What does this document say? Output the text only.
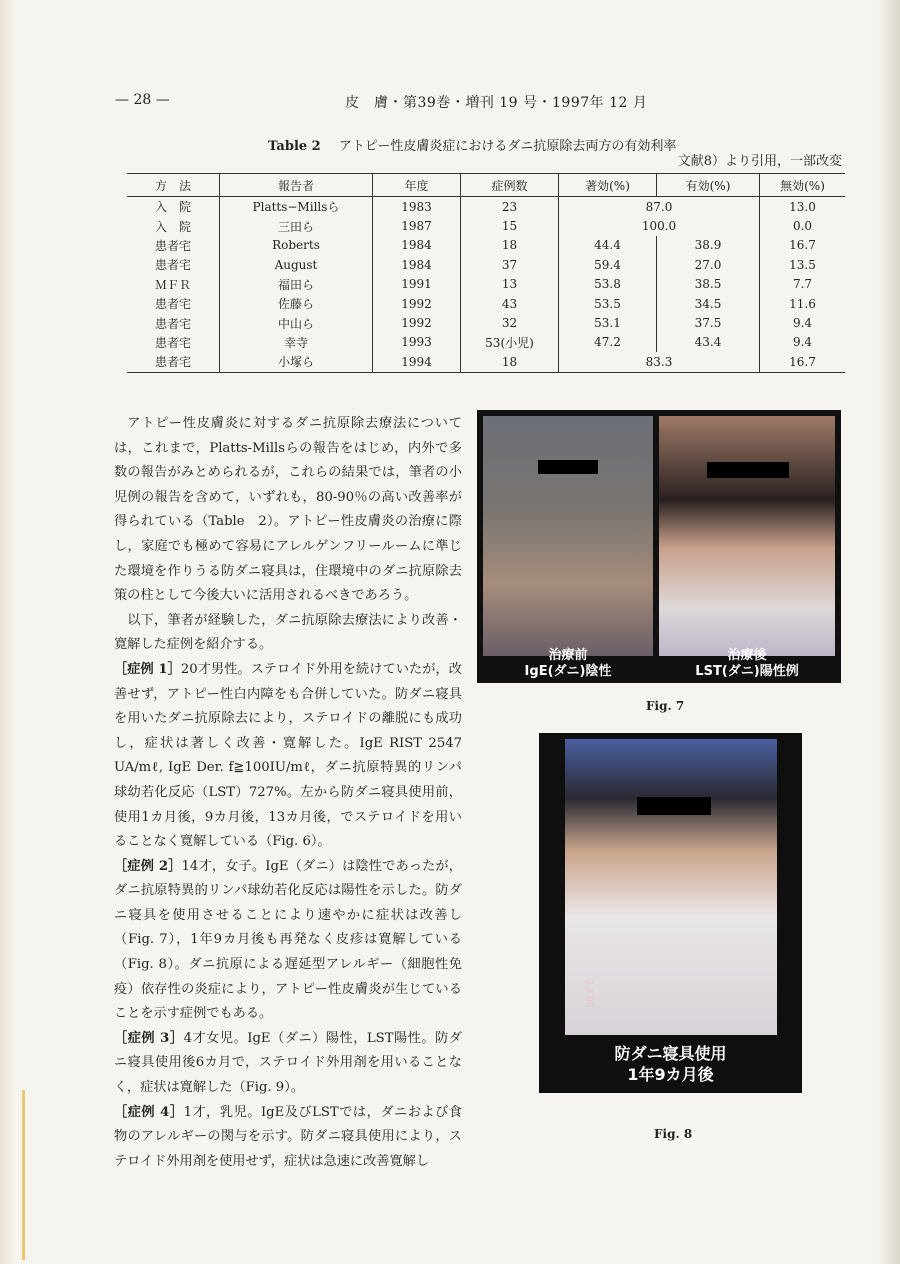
— 28 —	皮　膚・第39巻・増刊 19 号・1997年 12 月
Table 2 アトピー性皮膚炎症におけるダニ抗原除去両方の有効利率
文献8）より引用，一部改変
方　法	報告者	年度	症例数	著効(%)	有効(%)	無効(%)
入　院	Platts−Millsら	1983	23	87.0		13.0
入　院	三田ら	1987	15	100.0		0.0
患者宅	Roberts	1984	18	44.4	38.9	16.7
患者宅	August	1984	37	59.4	27.0	13.5
ＭＦＲ	福田ら	1991	13	53.8	38.5	7.7
患者宅	佐藤ら	1992	43	53.5	34.5	11.6
患者宅	中山ら	1992	32	53.1	37.5	9.4
患者宅	幸寺	1993	53(小児)	47.2	43.4	9.4
患者宅	小塚ら	1994	18	83.3		16.7

アトピー性皮膚炎に対するダニ抗原除去療法については，これまで，Platts-Millsらの報告をはじめ，内外で多数の報告がみとめられるが，これらの結果では，筆者の小児例の報告を含めて，いずれも，80-90％の高い改善率が得られている（Table　2）。アトピー性皮膚炎の治療に際し，家庭でも極めて容易にアレルゲンフリールームに準じた環境を作りうる防ダニ寝具は，住環境中のダニ抗原除去策の柱として今後大いに活用されるべきであろう。

以下，筆者が経験した，ダニ抗原除去療法により改善・寛解した症例を紹介する。

［症例 1］20才男性。ステロイド外用を続けていたが，改善せず，アトピー性白内障をも合併していた。防ダニ寝具を用いたダニ抗原除去により，ステロイドの離脱にも成功し，症状は著しく改善・寛解した。IgE RIST 2547 UA/mℓ, IgE Der. f≧100IU/mℓ，ダニ抗原特異的リンパ球幼若化反応（LST）727%。左から防ダニ寝具使用前，使用1カ月後，9カ月後，13カ月後，でステロイドを用いることなく寛解している（Fig. 6）。

［症例 2］14才，女子。IgE（ダニ）は陰性であったが，ダニ抗原特異的リンパ球幼若化反応は陽性を示した。防ダニ寝具を使用させることにより速やかに症状は改善し（Fig. 7），1年9カ月後も再発なく皮疹は寛解している（Fig. 8）。ダニ抗原による遅延型アレルギー（細胞性免疫）依存性の炎症により，アトピー性皮膚炎が生じていることを示す症例でもある。

［症例 3］4才女児。IgE（ダニ）陽性，LST陽性。防ダニ寝具使用後6カ月で，ステロイド外用剤を用いることなく，症状は寛解した（Fig. 9）。

［症例 4］1才，乳児。IgE及びLSTでは，ダニおよび食物のアレルギーの関与を示す。防ダニ寝具使用により，ステロイド外用剤を使用せず，症状は急速に改善寛解し

治療前
IgE(ダニ)陰性
治療後
LST(ダニ)陽性例
Fig. 7
2 3 95
防ダニ寝具使用
1年9カ月後
Fig. 8
